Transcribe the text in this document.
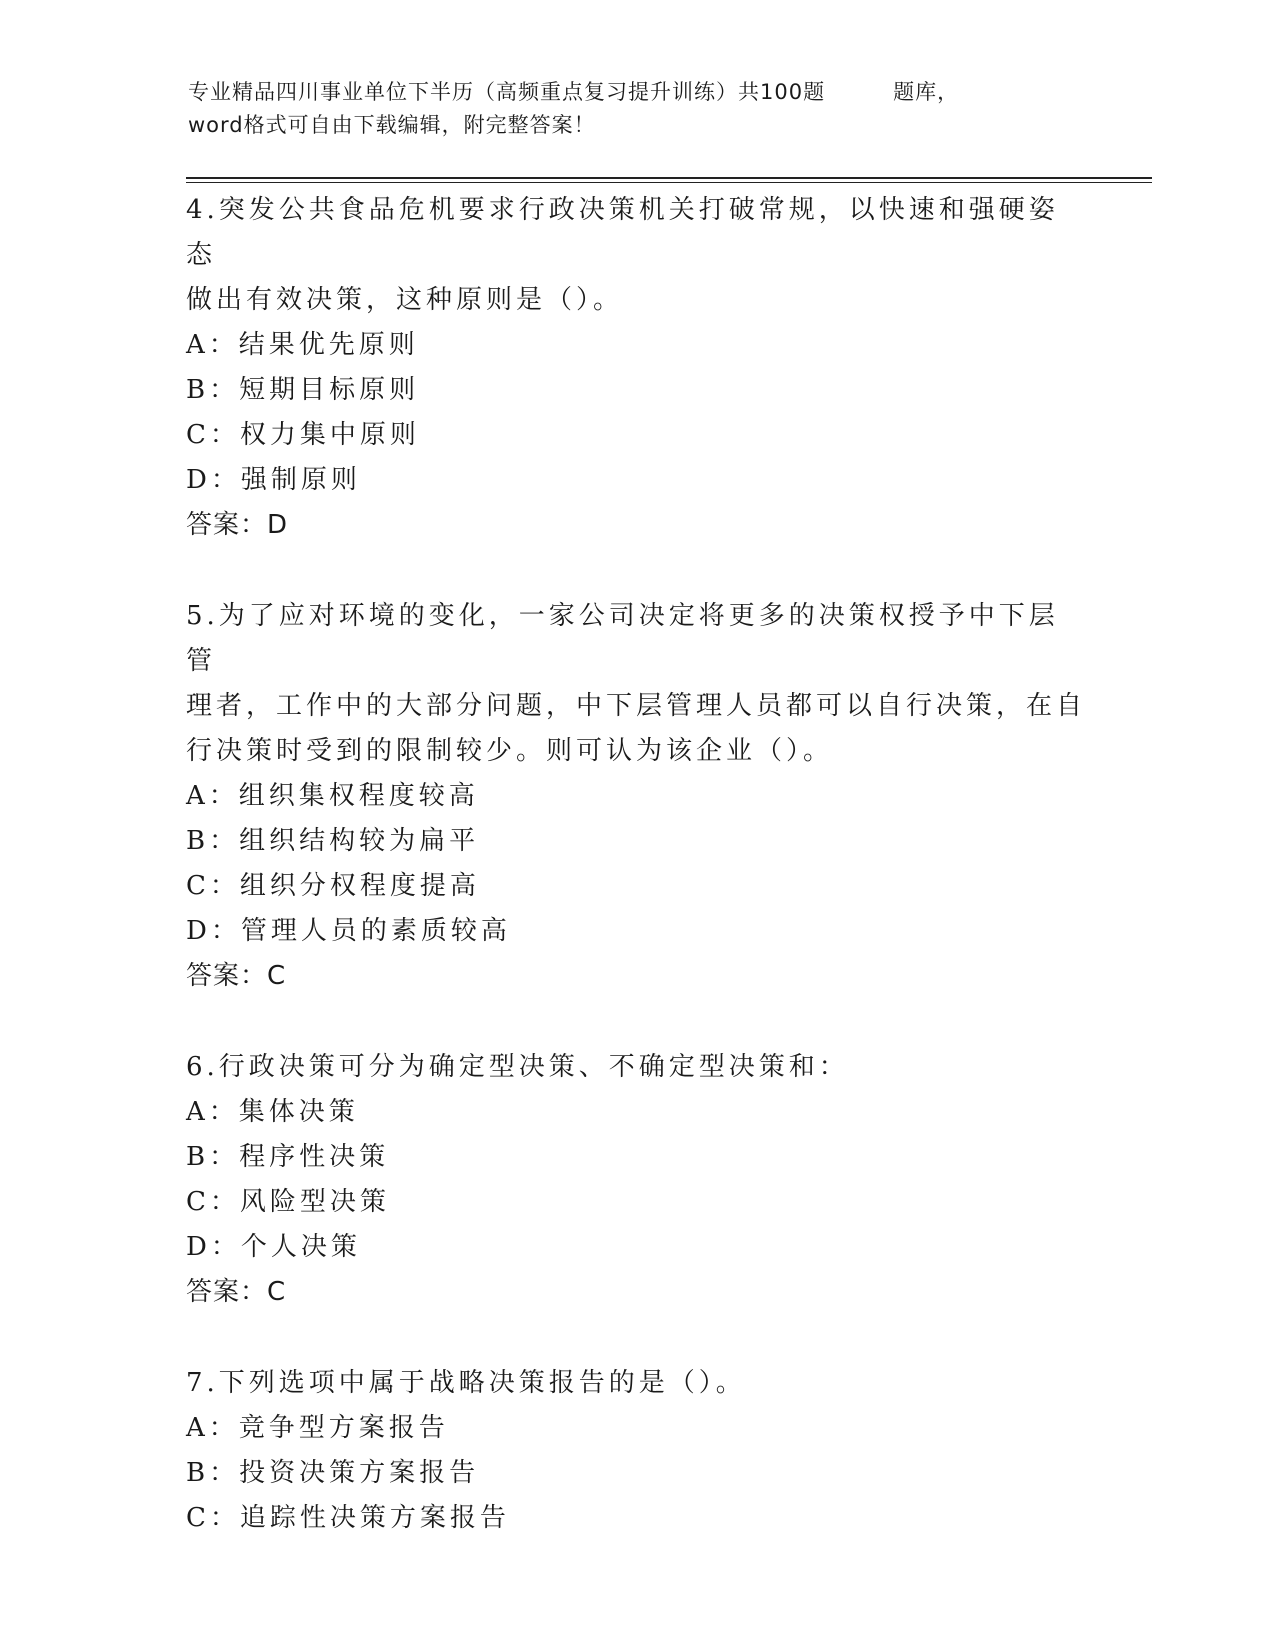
专业精品四川事业单位下半历（高频重点复习提升训练）共100题	题库，
word格式可自由下载编辑，附完整答案！

4.突发公共食品危机要求行政决策机关打破常规，以快速和强硬姿态

做出有效决策，这种原则是（）。

A：结果优先原则

B：短期目标原则

C：权力集中原则

D：强制原则

答案：D

5.为了应对环境的变化，一家公司决定将更多的决策权授予中下层管

理者，工作中的大部分问题，中下层管理人员都可以自行决策，在自

行决策时受到的限制较少。则可认为该企业（）。

A：组织集权程度较高

B：组织结构较为扁平

C：组织分权程度提高

D：管理人员的素质较高

答案：C

6.行政决策可分为确定型决策、不确定型决策和：

A：集体决策

B：程序性决策

C：风险型决策

D：个人决策

答案：C

7.下列选项中属于战略决策报告的是（）。

A：竞争型方案报告

B：投资决策方案报告

C：追踪性决策方案报告
